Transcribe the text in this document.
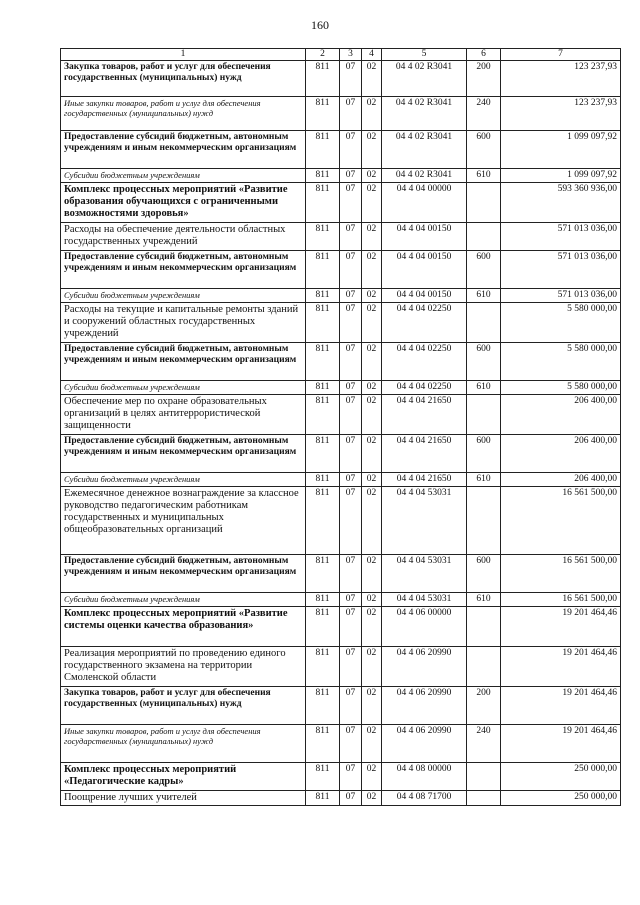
160
1	2	3	4	5	6	7
Закупка товаров, работ и услуг для обеспечения государственных (муниципальных) нужд	811	07	02	04 4 02 R3041	200	123 237,93
Иные закупки товаров, работ и услуг для обеспечения государственных (муниципальных) нужд	811	07	02	04 4 02 R3041	240	123 237,93
Предоставление субсидий бюджетным, автономным учреждениям и иным некоммерческим организациям	811	07	02	04 4 02 R3041	600	1 099 097,92
Субсидии бюджетным учреждениям	811	07	02	04 4 02 R3041	610	1 099 097,92
Комплекс процессных мероприятий «Развитие образования обучающихся с ограниченными возможностями здоровья»	811	07	02	04 4 04 00000		593 360 936,00
Расходы на обеспечение деятельности областных государственных учреждений	811	07	02	04 4 04 00150		571 013 036,00
Предоставление субсидий бюджетным, автономным учреждениям и иным некоммерческим организациям	811	07	02	04 4 04 00150	600	571 013 036,00
Субсидии бюджетным учреждениям	811	07	02	04 4 04 00150	610	571 013 036,00
Расходы на текущие и капитальные ремонты зданий и сооружений областных государственных учреждений	811	07	02	04 4 04 02250		5 580 000,00
Предоставление субсидий бюджетным, автономным учреждениям и иным некоммерческим организациям	811	07	02	04 4 04 02250	600	5 580 000,00
Субсидии бюджетным учреждениям	811	07	02	04 4 04 02250	610	5 580 000,00
Обеспечение мер по охране образовательных организаций в целях антитеррористической защищенности	811	07	02	04 4 04 21650		206 400,00
Предоставление субсидий бюджетным, автономным учреждениям и иным некоммерческим организациям	811	07	02	04 4 04 21650	600	206 400,00
Субсидии бюджетным учреждениям	811	07	02	04 4 04 21650	610	206 400,00
Ежемесячное денежное вознаграждение за классное руководство педагогическим работникам государственных и муниципальных общеобразовательных организаций	811	07	02	04 4 04 53031		16 561 500,00
Предоставление субсидий бюджетным, автономным учреждениям и иным некоммерческим организациям	811	07	02	04 4 04 53031	600	16 561 500,00
Субсидии бюджетным учреждениям	811	07	02	04 4 04 53031	610	16 561 500,00
Комплекс процессных мероприятий «Развитие системы оценки качества образования»	811	07	02	04 4 06 00000		19 201 464,46
Реализация мероприятий по проведению единого государственного экзамена на территории Смоленской области	811	07	02	04 4 06 20990		19 201 464,46
Закупка товаров, работ и услуг для обеспечения государственных (муниципальных) нужд	811	07	02	04 4 06 20990	200	19 201 464,46
Иные закупки товаров, работ и услуг для обеспечения государственных (муниципальных) нужд	811	07	02	04 4 06 20990	240	19 201 464,46
Комплекс процессных мероприятий «Педагогические кадры»	811	07	02	04 4 08 00000		250 000,00
Поощрение лучших учителей	811	07	02	04 4 08 71700		250 000,00
